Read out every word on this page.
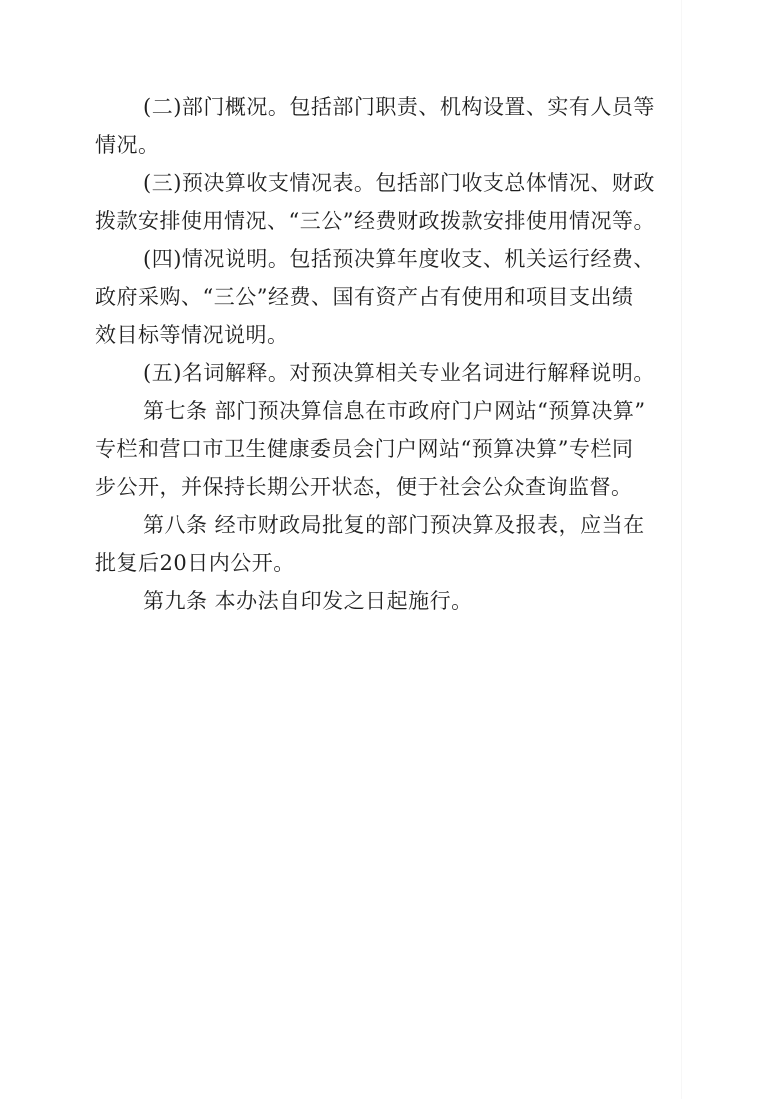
(二)部门概况。包括部门职责、机构设置、实有人员等
情况。

(三)预决算收支情况表。包括部门收支总体情况、财政
拨款安排使用情况、“三公”经费财政拨款安排使用情况等。

(四)情况说明。包括预决算年度收支、机关运行经费、
政府采购、“三公”经费、国有资产占有使用和项目支出绩
效目标等情况说明。

(五)名词解释。对预决算相关专业名词进行解释说明。

第七条 部门预决算信息在市政府门户网站“预算决算”
专栏和营口市卫生健康委员会门户网站“预算决算”专栏同
步公开，并保持长期公开状态，便于社会公众查询监督。

第八条 经市财政局批复的部门预决算及报表，应当在
批复后20日内公开。

第九条 本办法自印发之日起施行。
